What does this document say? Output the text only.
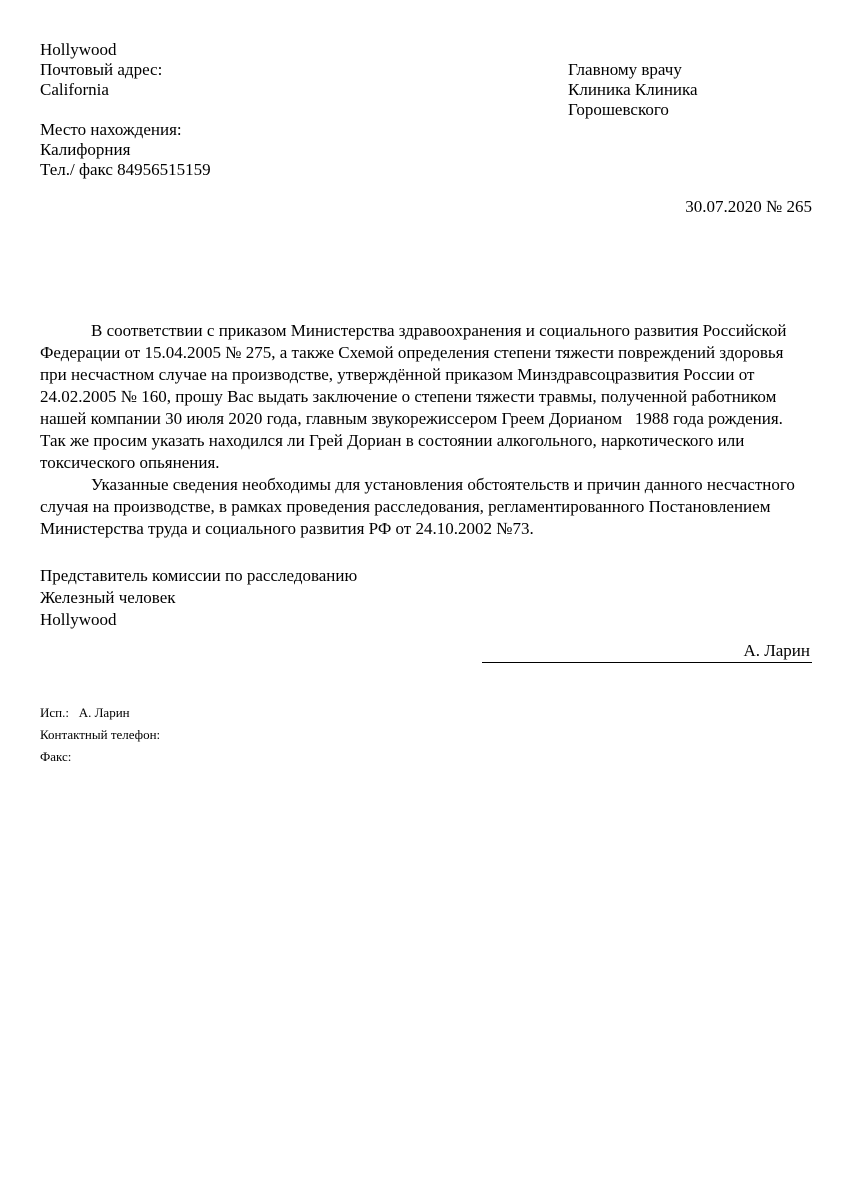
Hollywood
Почтовый адрес:
California
Место нахождения:
Калифорния
Тел./ факс 84956515159
Главному врачу
Клиника Клиника
Горошевского
30.07.2020 № 265

В соответствии с приказом Министерства здравоохранения и социального развития Российской Федерации от 15.04.2005 № 275, а также Схемой определения степени тяжести повреждений здоровья при несчастном случае на производстве, утверждённой приказом Минздравсоцразвития России от 24.02.2005 № 160, прошу Вас выдать заключение о степени тяжести травмы, полученной работником нашей компании 30 июля 2020 года, главным звукорежиссером Греем Дорианом   1988 года рождения. Так же просим указать находился ли Грей Дориан в состоянии алкогольного, наркотического или токсического опьянения.

Указанные сведения необходимы для установления обстоятельств и причин данного несчастного случая на производстве, в рамках проведения расследования, регламентированного Постановлением Министерства труда и социального развития РФ от 24.10.2002 №73.

Представитель комиссии по расследованию
Железный человек
Hollywood
А. Ларин
Исп.:   А. Ларин
Контактный телефон:
Факс:
